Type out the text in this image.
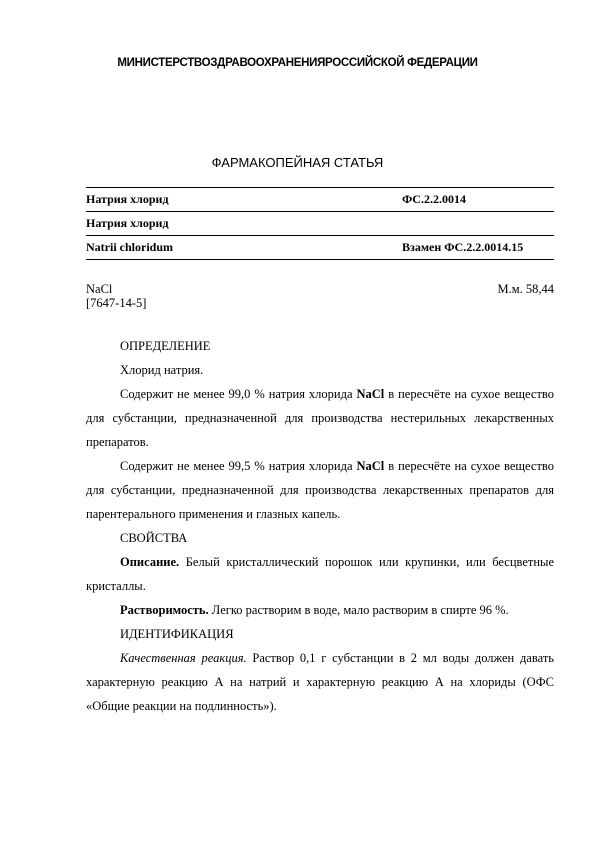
МИНИСТЕРСТВОЗДРАВООХРАНЕНИЯРОССИЙСКОЙ ФЕДЕРАЦИИ
ФАРМАКОПЕЙНАЯ СТАТЬЯ
Натрия хлорид	ФС.2.2.0014
Натрия хлорид
Natrii chloridum	Взамен ФС.2.2.0014.15
NaCl
[7647-14-5]
М.м. 58,44
ОПРЕДЕЛЕНИЕ

Хлорид натрия.

Содержит не менее 99,0 % натрия хлорида NaCl в пересчёте на сухое вещество для субстанции, предназначенной для производства нестерильных лекарственных препаратов.

Содержит не менее 99,5 % натрия хлорида NaCl в пересчёте на сухое вещество для субстанции, предназначенной для производства лекарственных препаратов для парентерального применения и глазных капель.

СВОЙСТВА

Описание. Белый кристаллический порошок или крупинки, или бесцветные кристаллы.

Растворимость. Легко растворим в воде, мало растворим в спирте 96 %.

ИДЕНТИФИКАЦИЯ

Качественная реакция. Раствор 0,1 г субстанции в 2 мл воды должен давать характерную реакцию А на натрий и характерную реакцию А на хлориды (ОФС «Общие реакции на подлинность»).
